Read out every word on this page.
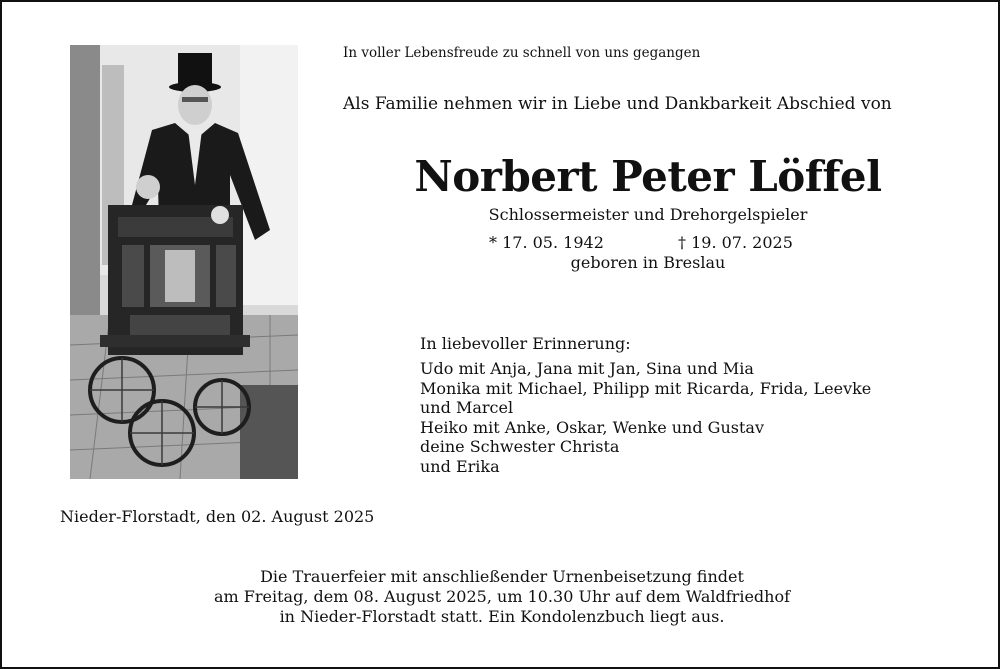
In voller Lebensfreude zu schnell von uns gegangen
Als Familie nehmen wir in Liebe und Dankbarkeit Abschied von
Norbert Peter Löffel
Schlossermeister und Drehorgelspieler
* 17. 05. 1942	† 19. 07. 2025
geboren in Breslau
In liebevoller Erinnerung:
Udo mit Anja, Jana mit Jan, Sina und Mia
Monika mit Michael, Philipp mit Ricarda, Frida, Leevke
und Marcel
Heiko mit Anke, Oskar, Wenke und Gustav
deine Schwester Christa
und Erika
Nieder-Florstadt, den 02. August 2025
Die Trauerfeier mit anschließender Urnenbeisetzung findet
am Freitag, dem 08. August 2025, um 10.30 Uhr auf dem Waldfriedhof
in Nieder-Florstadt statt. Ein Kondolenzbuch liegt aus.
